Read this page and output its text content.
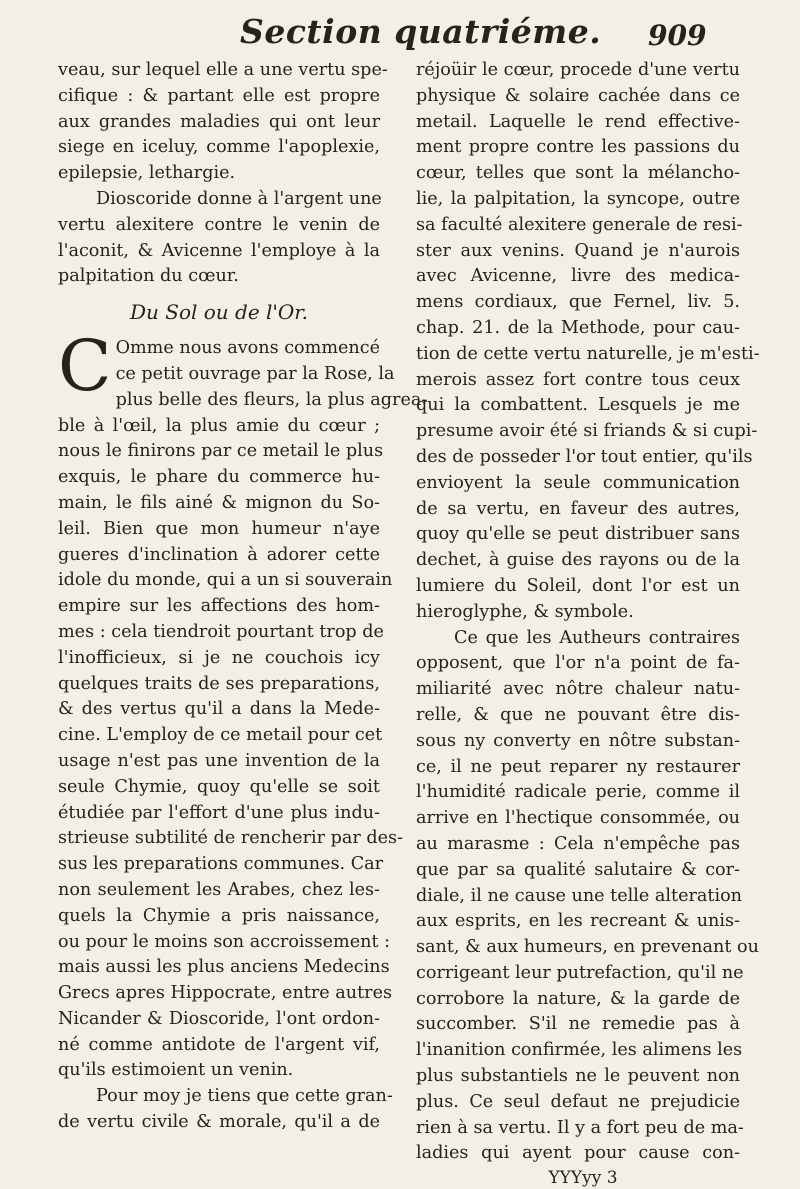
Section quatriéme. 909
veau, sur lequel elle a une vertu spe-
cifique : & partant elle est propre
aux grandes maladies qui ont leur
siege en iceluy, comme l'apoplexie,
epilepsie, lethargie.
Dioscoride donne à l'argent une
vertu alexitere contre le venin de
l'aconit, & Avicenne l'employe à la
palpitation du cœur.
Du Sol ou de l'Or.
C Omme nous avons commencé
ce petit ouvrage par la Rose, la
plus belle des fleurs, la plus agrea-
ble à l'œil, la plus amie du cœur ;
nous le finirons par ce metail le plus
exquis, le phare du commerce hu-
main, le fils ainé & mignon du So-
leil. Bien que mon humeur n'aye
gueres d'inclination à adorer cette
idole du monde, qui a un si souverain
empire sur les affections des hom-
mes : cela tiendroit pourtant trop de
l'inofficieux, si je ne couchois icy
quelques traits de ses preparations,
& des vertus qu'il a dans la Mede-
cine. L'employ de ce metail pour cet
usage n'est pas une invention de la
seule Chymie, quoy qu'elle se soit
étudiée par l'effort d'une plus indu-
strieuse subtilité de rencherir par des-
sus les preparations communes. Car
non seulement les Arabes, chez les-
quels la Chymie a pris naissance,
ou pour le moins son accroissement :
mais aussi les plus anciens Medecins
Grecs apres Hippocrate, entre autres
Nicander & Dioscoride, l'ont ordon-
né comme antidote de l'argent vif,
qu'ils estimoient un venin.
Pour moy je tiens que cette gran-
de vertu civile & morale, qu'il a de
réjoüir le cœur, procede d'une vertu
physique & solaire cachée dans ce
metail. Laquelle le rend effective-
ment propre contre les passions du
cœur, telles que sont la mélancho-
lie, la palpitation, la syncope, outre
sa faculté alexitere generale de resi-
ster aux venins. Quand je n'aurois
avec Avicenne, livre des medica-
mens cordiaux, que Fernel, liv. 5.
chap. 21. de la Methode, pour cau-
tion de cette vertu naturelle, je m'esti-
merois assez fort contre tous ceux
qui la combattent. Lesquels je me
presume avoir été si friands & si cupi-
des de posseder l'or tout entier, qu'ils
envioyent la seule communication
de sa vertu, en faveur des autres,
quoy qu'elle se peut distribuer sans
dechet, à guise des rayons ou de la
lumiere du Soleil, dont l'or est un
hieroglyphe, & symbole.
Ce que les Autheurs contraires
opposent, que l'or n'a point de fa-
miliarité avec nôtre chaleur natu-
relle, & que ne pouvant être dis-
sous ny converty en nôtre substan-
ce, il ne peut reparer ny restaurer
l'humidité radicale perie, comme il
arrive en l'hectique consommée, ou
au marasme : Cela n'empêche pas
que par sa qualité salutaire & cor-
diale, il ne cause une telle alteration
aux esprits, en les recreant & unis-
sant, & aux humeurs, en prevenant ou
corrigeant leur putrefaction, qu'il ne
corrobore la nature, & la garde de
succomber. S'il ne remedie pas à
l'inanition confirmée, les alimens les
plus substantiels ne le peuvent non
plus. Ce seul defaut ne prejudicie
rien à sa vertu. Il y a fort peu de ma-
ladies qui ayent pour cause con-
YYYyy 3
